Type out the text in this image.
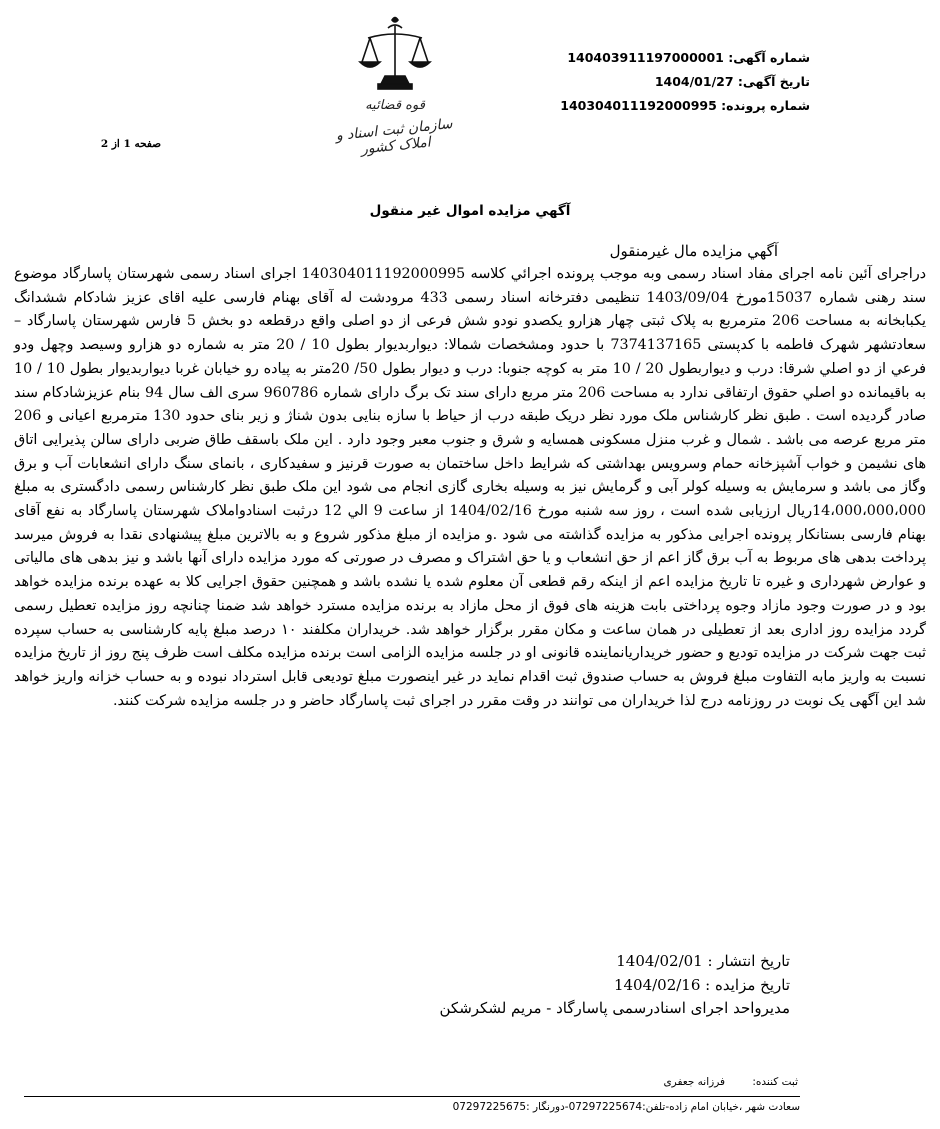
شماره آگهی: 140403911197000001
تاریخ آگهی: 1404/01/27
شماره پرونده: 140304011192000995
قوه قضائیه
سازمان ثبت اسناد و املاک کشور
صفحه 1 از 2
آگهي مزايده اموال غير منقول
آگهي مزايده مال غيرمنقول

دراجرای آئین نامه اجرای مفاد اسناد رسمی وبه موجب پرونده اجرائي کلاسه 140304011192000995 اجرای اسناد رسمی شهرستان پاسارگاد موضوع سند رهنی شماره 15037مورخ 1403/09/04 تنظیمی دفترخانه اسناد رسمی 433 مرودشت له آقای بهنام فارسی علیه اقای عزیز شادکام ششدانگ یکبابخانه به مساحت 206 مترمربع به پلاک ثبتی چهار هزارو یکصدو نودو شش فرعی از دو اصلی واقع درقطعه دو بخش 5 فارس شهرستان پاسارگاد – سعادتشهر شهرک فاطمه با کدپستی 7374137165 با حدود ومشخصات شمالا: دیواربدیوار بطول 10 / 20 متر به شماره دو هزارو وسیصد وچهل ودو فرعي از دو اصلي شرقا: درب و دیواربطول 20 / 10 متر به کوچه جنوبا: درب و دیوار بطول 50/ 20متر به پیاده رو خیابان غربا دیواربدیوار بطول 10 / 10 به باقیمانده دو اصلي حقوق ارتفاقی ندارد به مساحت 206 متر مربع دارای سند تک برگ دارای شماره 960786 سری الف سال 94 بنام عزیزشادکام سند صادر گردیده است . طبق نظر کارشناس ملک مورد نظر دریک طبقه درب از حیاط با سازه بنایی بدون شناژ و زیر بنای حدود 130 مترمربع اعیانی و 206 متر مربع عرصه می باشد . شمال و غرب منزل مسکونی همسایه و شرق و جنوب معبر وجود دارد . این ملک باسقف طاق ضربی دارای سالن پذیرایی اتاق های نشیمن و خواب آشپزخانه حمام وسرویس بهداشتی که شرایط داخل ساختمان به صورت قرنیز و سفیدکاری ، بانمای سنگ دارای انشعابات آب و برق وگاز می باشد و سرمایش به وسیله کولر آبی و گرمایش نیز به وسیله بخاری گازی انجام می شود این ملک طبق نظر کارشناس رسمی دادگستری به مبلغ 14،000،000،000ریال ارزیابی شده است ، روز سه شنبه مورخ 1404/02/16 از ساعت 9 الي 12 درثبت اسنادواملاک شهرستان پاسارگاد به نفع آقای بهنام فارسی بستانکار پرونده اجرایی مذکور به مزایده گذاشته می شود .و مزایده از مبلغ مذکور شروع و به بالاترین مبلغ پیشنهادی نقدا به فروش میرسد پرداخت بدهی های مربوط به آب برق گاز اعم از حق انشعاب و یا حق اشتراک و مصرف در صورتی که مورد مزایده دارای آنها باشد و نیز بدهی های مالیاتی و عوارض شهرداری و غیره تا تاریخ مزایده اعم از اینکه رقم قطعی آن معلوم شده یا نشده باشد و همچنین حقوق اجرایی کلا به عهده برنده مزایده خواهد بود و در صورت وجود مازاد وجوه پرداختی بابت هزینه های فوق از محل مازاد به برنده مزایده مسترد خواهد شد ضمنا چنانچه روز مزایده تعطیل رسمی گردد مزایده روز اداری بعد از تعطیلی در همان ساعت و مکان مقرر برگزار خواهد شد. خریداران مکلفند ۱۰ درصد مبلغ پایه کارشناسی به حساب سپرده ثبت جهت شرکت در مزایده تودیع و حضور خریداریانماینده قانونی او در جلسه مزایده الزامی است برنده مزایده مکلف است ظرف پنج روز از تاریخ مزایده نسبت به واریز مابه التفاوت مبلغ فروش به حساب صندوق ثبت اقدام نماید در غیر اینصورت مبلغ تودیعی قابل استرداد نبوده و به حساب خزانه واریز خواهد شد این آگهی یک نوبت در روزنامه درج لذا خریداران می توانند در وقت مقرر در اجرای ثبت پاسارگاد حاضر و در جلسه مزایده شرکت کنند.

تاریخ انتشار : 1404/02/01
تاریخ مزایده : 1404/02/16
مدیرواحد اجرای اسنادرسمی پاسارگاد - مریم لشکرشکن
ثبت کننده: فرزانه جعفری
سعادت شهر ،خیابان امام زاده-تلفن:07297225674-دورنگار :07297225675
